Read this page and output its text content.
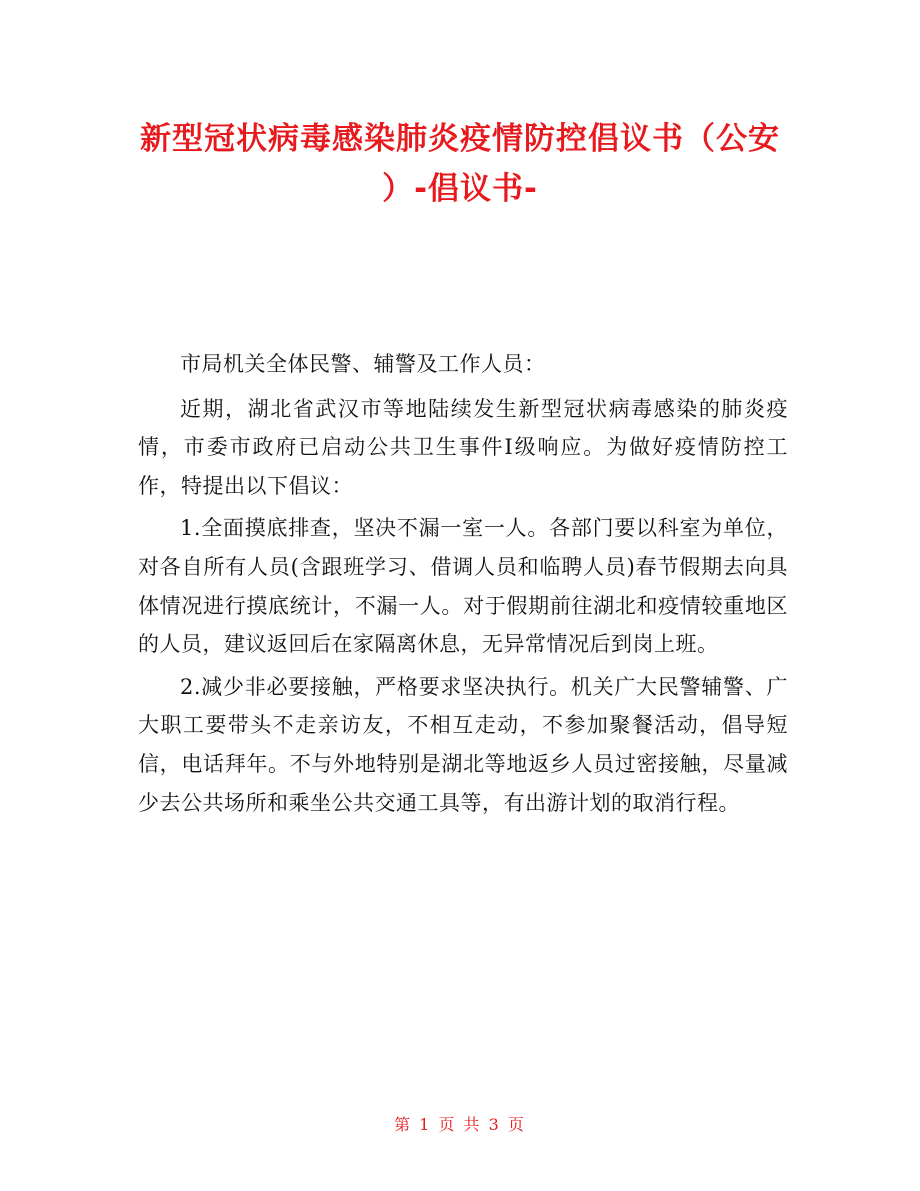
新型冠状病毒感染肺炎疫情防控倡议书（公安
）-倡议书-

市局机关全体民警、辅警及工作人员：

近期，湖北省武汉市等地陆续发生新型冠状病毒感染的肺炎疫情，市委市政府已启动公共卫生事件Ⅰ级响应。为做好疫情防控工作，特提出以下倡议：

1.全面摸底排查，坚决不漏一室一人。各部门要以科室为单位，对各自所有人员(含跟班学习、借调人员和临聘人员)春节假期去向具体情况进行摸底统计，不漏一人。对于假期前往湖北和疫情较重地区的人员，建议返回后在家隔离休息，无异常情况后到岗上班。

2.减少非必要接触，严格要求坚决执行。机关广大民警辅警、广大职工要带头不走亲访友，不相互走动，不参加聚餐活动，倡导短信，电话拜年。不与外地特别是湖北等地返乡人员过密接触，尽量减少去公共场所和乘坐公共交通工具等，有出游计划的取消行程。

第 1 页 共 3 页
